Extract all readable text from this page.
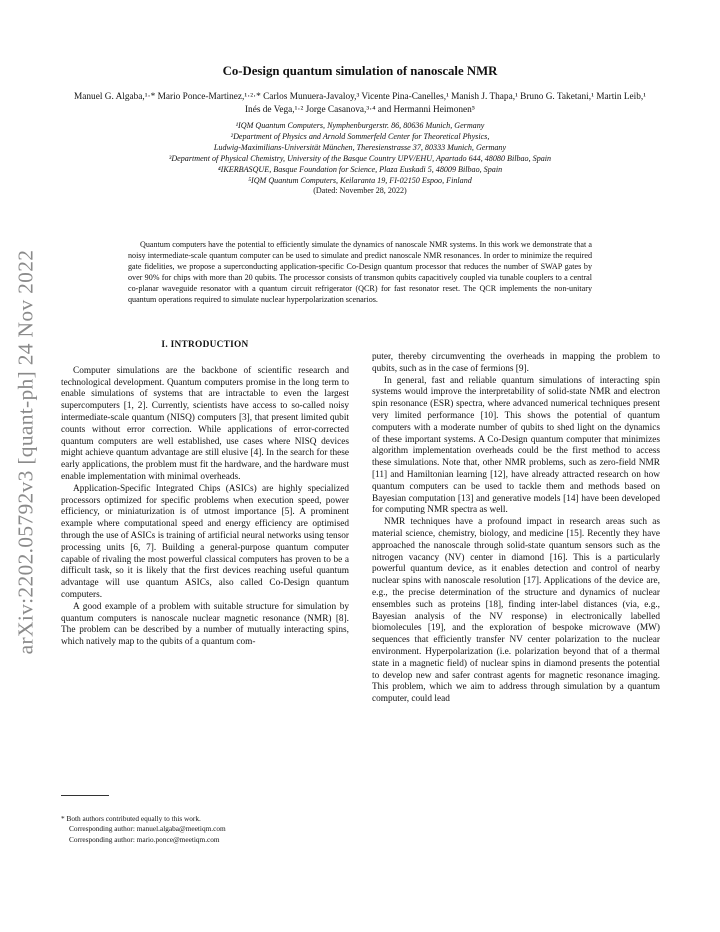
arXiv:2202.05792v3 [quant-ph] 24 Nov 2022
Co-Design quantum simulation of nanoscale NMR
Manuel G. Algaba,¹·* Mario Ponce-Martinez,¹·²·* Carlos Munuera-Javaloy,³ Vicente Pina-Canelles,¹ Manish J. Thapa,¹ Bruno G. Taketani,¹ Martin Leib,¹ Inés de Vega,¹·² Jorge Casanova,³·⁴ and Hermanni Heimonen⁵
¹IQM Quantum Computers, Nymphenburgerstr. 86, 80636 Munich, Germany
²Department of Physics and Arnold Sommerfeld Center for Theoretical Physics,
Ludwig-Maximilians-Universität München, Theresienstrasse 37, 80333 Munich, Germany
³Department of Physical Chemistry, University of the Basque Country UPV/EHU, Apartado 644, 48080 Bilbao, Spain
⁴IKERBASQUE, Basque Foundation for Science, Plaza Euskadi 5, 48009 Bilbao, Spain
⁵IQM Quantum Computers, Keilaranta 19, FI-02150 Espoo, Finland
(Dated: November 28, 2022)
Quantum computers have the potential to efficiently simulate the dynamics of nanoscale NMR systems. In this work we demonstrate that a noisy intermediate-scale quantum computer can be used to simulate and predict nanoscale NMR resonances. In order to minimize the required gate fidelities, we propose a superconducting application-specific Co-Design quantum processor that reduces the number of SWAP gates by over 90% for chips with more than 20 qubits. The processor consists of transmon qubits capacitively coupled via tunable couplers to a central co-planar waveguide resonator with a quantum circuit refrigerator (QCR) for fast resonator reset. The QCR implements the non-unitary quantum operations required to simulate nuclear hyperpolarization scenarios.
I. INTRODUCTION

Computer simulations are the backbone of scientific research and technological development. Quantum computers promise in the long term to enable simulations of systems that are intractable to even the largest supercomputers [1, 2]. Currently, scientists have access to so-called noisy intermediate-scale quantum (NISQ) computers [3], that present limited qubit counts without error correction. While applications of error-corrected quantum computers are well established, use cases where NISQ devices might achieve quantum advantage are still elusive [4]. In the search for these early applications, the problem must fit the hardware, and the hardware must enable implementation with minimal overheads.

Application-Specific Integrated Chips (ASICs) are highly specialized processors optimized for specific problems when execution speed, power efficiency, or miniaturization is of utmost importance [5]. A prominent example where computational speed and energy efficiency are optimised through the use of ASICs is training of artificial neural networks using tensor processing units [6, 7]. Building a general-purpose quantum computer capable of rivaling the most powerful classical computers has proven to be a difficult task, so it is likely that the first devices reaching useful quantum advantage will use quantum ASICs, also called Co-Design quantum computers.

A good example of a problem with suitable structure for simulation by quantum computers is nanoscale nuclear magnetic resonance (NMR) [8]. The problem can be described by a number of mutually interacting spins, which natively map to the qubits of a quantum com-

puter, thereby circumventing the overheads in mapping the problem to qubits, such as in the case of fermions [9].

In general, fast and reliable quantum simulations of interacting spin systems would improve the interpretability of solid-state NMR and electron spin resonance (ESR) spectra, where advanced numerical techniques present very limited performance [10]. This shows the potential of quantum computers with a moderate number of qubits to shed light on the dynamics of these important systems. A Co-Design quantum computer that minimizes algorithm implementation overheads could be the first method to access these simulations. Note that, other NMR problems, such as zero-field NMR [11] and Hamiltonian learning [12], have already attracted research on how quantum computers can be used to tackle them and methods based on Bayesian computation [13] and generative models [14] have been developed for computing NMR spectra as well.

NMR techniques have a profound impact in research areas such as material science, chemistry, biology, and medicine [15]. Recently they have approached the nanoscale through solid-state quantum sensors such as the nitrogen vacancy (NV) center in diamond [16]. This is a particularly powerful quantum device, as it enables detection and control of nearby nuclear spins with nanoscale resolution [17]. Applications of the device are, e.g., the precise determination of the structure and dynamics of nuclear ensembles such as proteins [18], finding inter-label distances (via, e.g., Bayesian analysis of the NV response) in electronically labelled biomolecules [19], and the exploration of bespoke microwave (MW) sequences that efficiently transfer NV center polarization to the nuclear environment. Hyperpolarization (i.e. polarization beyond that of a thermal state in a magnetic field) of nuclear spins in diamond presents the potential to develop new and safer contrast agents for magnetic resonance imaging. This problem, which we aim to address through simulation by a quantum computer, could lead

* Both authors contributed equally to this work.
Corresponding author: manuel.algaba@meetiqm.com
Corresponding author: mario.ponce@meetiqm.com
